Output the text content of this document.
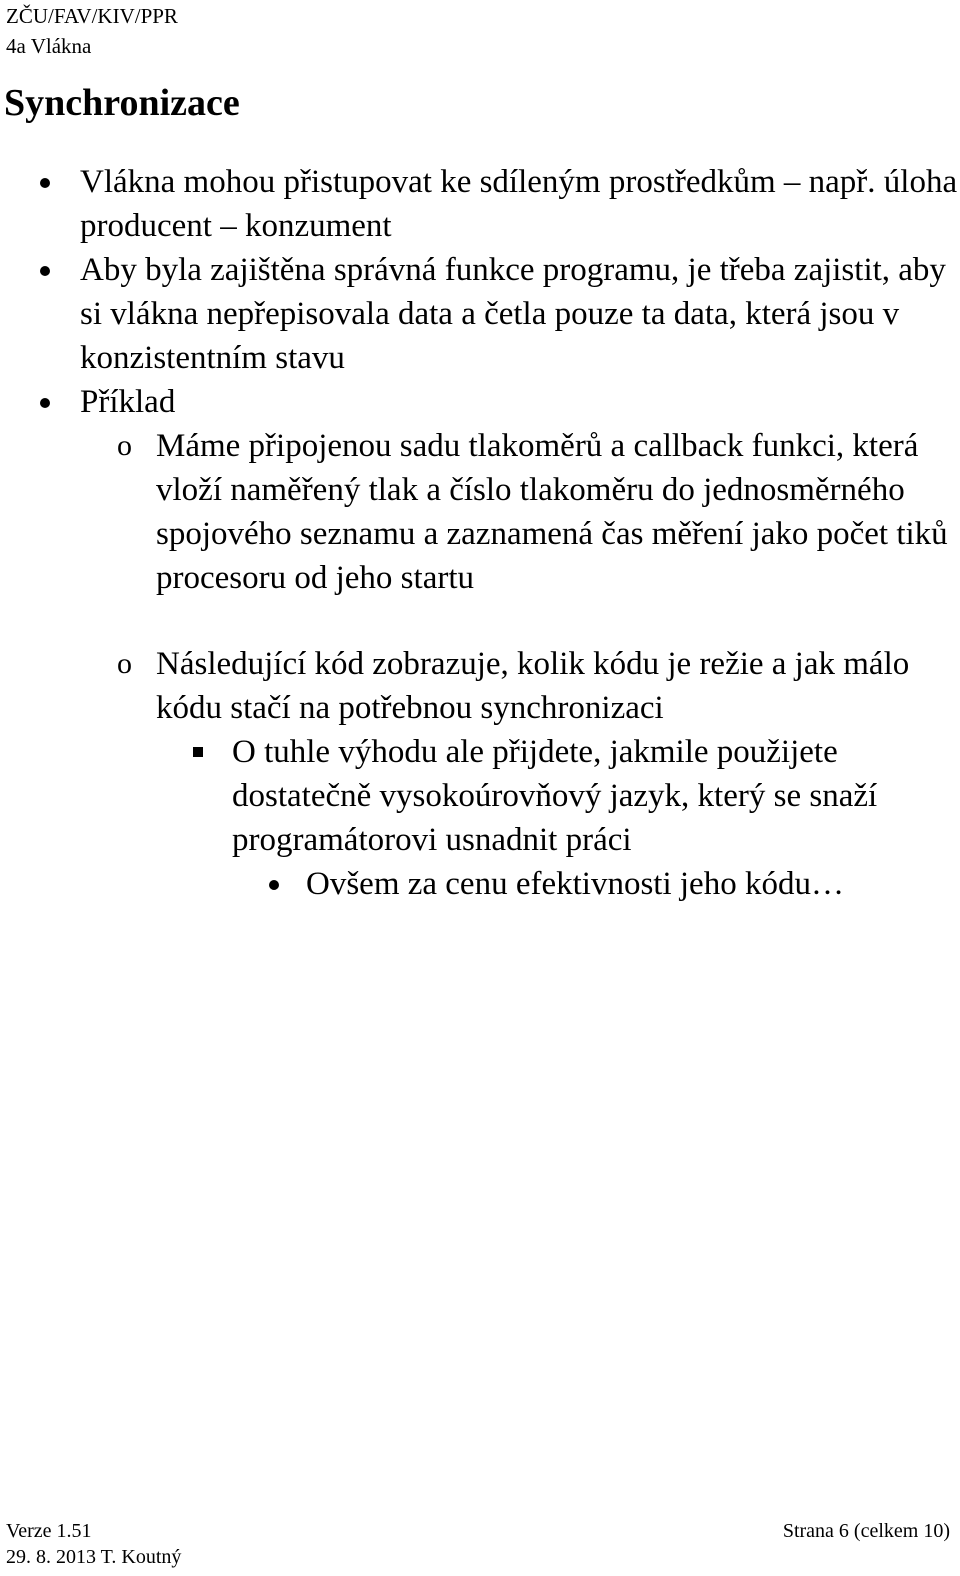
ZČU/FAV/KIV/PPR
4a Vlákna
Synchronizace
Vlákna mohou přistupovat ke sdíleným prostředkům – např. úloha producent – konzument
Aby byla zajištěna správná funkce programu, je třeba zajistit, aby si vlákna nepřepisovala data a četla pouze ta data, která jsou v konzistentním stavu
Příklad
o Máme připojenou sadu tlakoměrů a callback funkci, která vloží naměřený tlak a číslo tlakoměru do jednosměrného spojového seznamu a zaznamená čas měření jako počet tiků procesoru od jeho startu
o Následující kód zobrazuje, kolik kódu je režie a jak málo kódu stačí na potřebnou synchronizaci
O tuhle výhodu ale přijdete, jakmile použijete dostatečně vysokoúrovňový jazyk, který se snaží programátorovi usnadnit práci
Ovšem za cenu efektivnosti jeho kódu…
Verze 1.51	Strana 6 (celkem 10)
29. 8. 2013 T. Koutný
